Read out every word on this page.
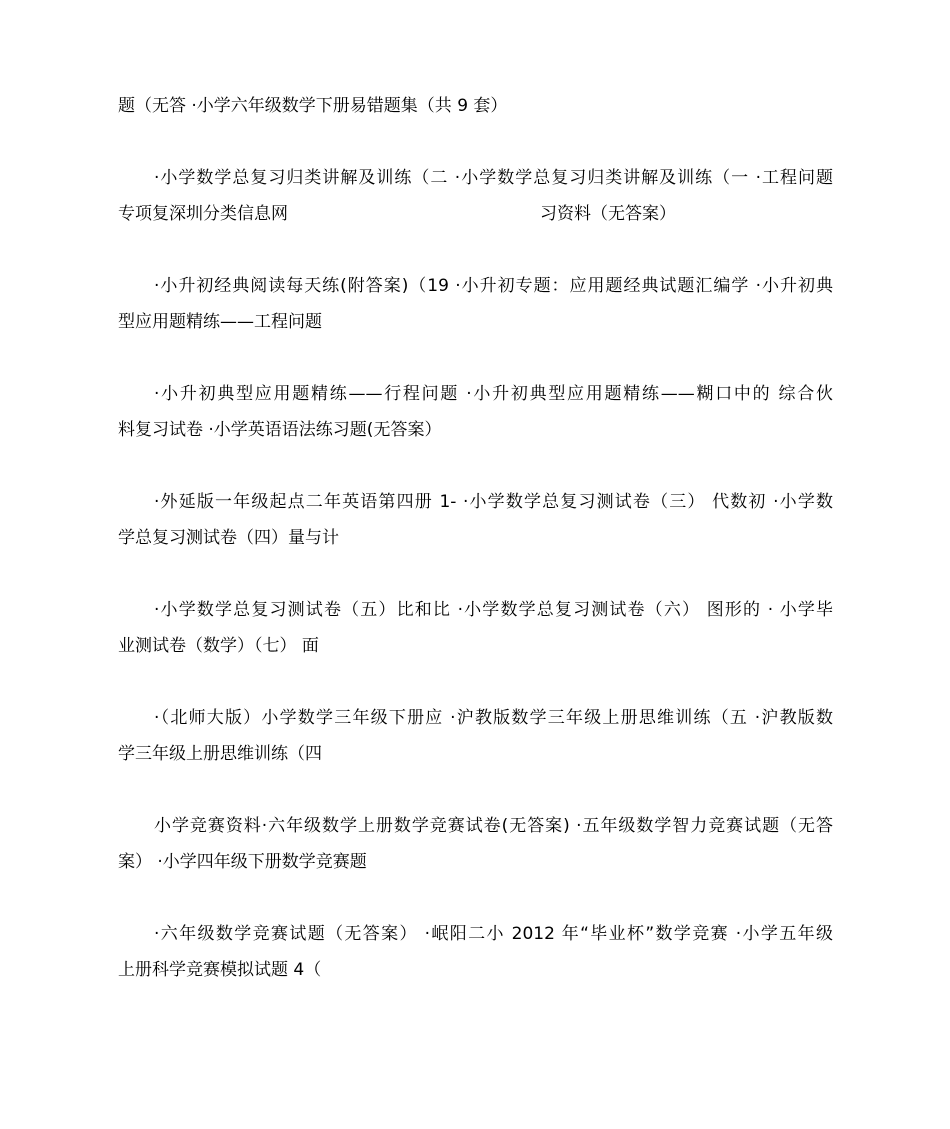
题（无答 ·小学六年级数学下册易错题集（共 9 套）
·小学数学总复习归类讲解及训练（二 ·小学数学总复习归类讲解及训练（一 ·工程问题
专项复深圳分类信息网	习资料（无答案）
·小升初经典阅读每天练(附答案)（19 ·小升初专题：应用题经典试题汇编学 ·小升初典
型应用题精练——工程问题
·小升初典型应用题精练——行程问题 ·小升初典型应用题精练——糊口中的 综合伙
料复习试卷 ·小学英语语法练习题(无答案）
·外延版一年级起点二年英语第四册 1- ·小学数学总复习测试卷（三） 代数初 ·小学数
学总复习测试卷（四）量与计
·小学数学总复习测试卷（五）比和比 ·小学数学总复习测试卷（六） 图形的 · 小学毕
业测试卷（数学）（七） 面
·（北师大版）小学数学三年级下册应 ·沪教版数学三年级上册思维训练（五 ·沪教版数
学三年级上册思维训练（四
小学竞赛资料·六年级数学上册数学竞赛试卷(无答案) ·五年级数学智力竞赛试题（无答
案） ·小学四年级下册数学竞赛题
·六年级数学竞赛试题（无答案） ·岷阳二小 2012 年“毕业杯”数学竞赛 ·小学五年级
上册科学竞赛模拟试题 4（
